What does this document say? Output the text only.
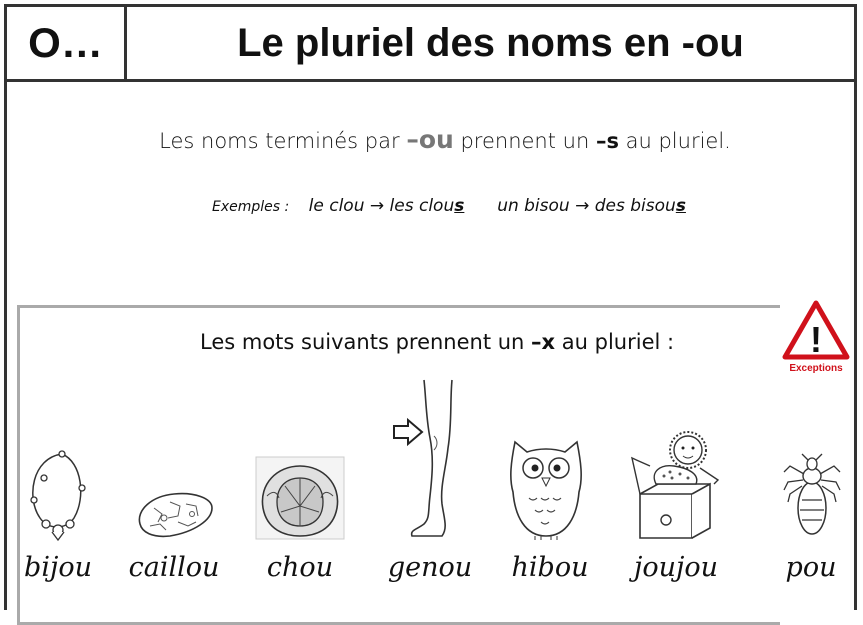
O…	Le pluriel des noms en -ou
Les noms terminés par –ou prennent un –s au pluriel.
Exemples : le clou → les clous un bisou → des bisous
Les mots suivants prennent un –x au pluriel :	!
Exceptions
bijou	caillou	chou	genou hibou joujou	pou
